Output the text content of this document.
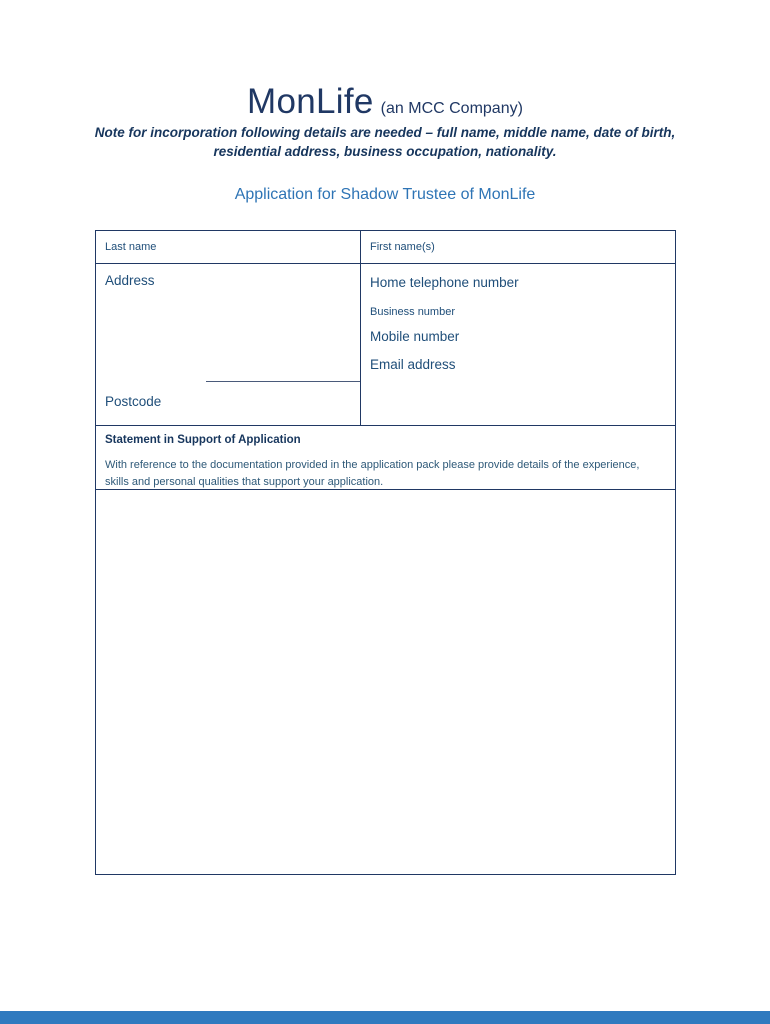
MonLife (an MCC Company)
Note for incorporation following details are needed – full name, middle name, date of birth, residential address, business occupation, nationality.
Application for Shadow Trustee of MonLife
Last name	First name(s)
Address
Postcode
Home telephone number
Business number
Mobile number
Email address
Statement in Support of Application
With reference to the documentation provided in the application pack please provide details of the experience, skills and personal qualities that support your application.
